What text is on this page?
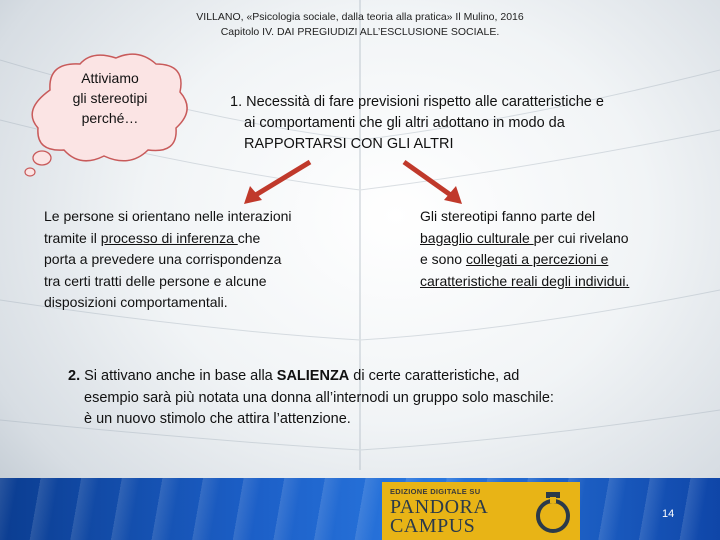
VILLANO, «Psicologia sociale, dalla teoria alla pratica» Il Mulino, 2016
Capitolo IV. DAI PREGIUDIZI ALL’ESCLUSIONE SOCIALE.
Attiviamo
gli stereotipi
perché…
1. Necessità di fare previsioni rispetto alle caratteristiche e
ai comportamenti che gli altri adottano in modo da
RAPPORTARSI CON GLI ALTRI
Le persone si orientano nelle interazioni
tramite il processo di inferenza che
porta a prevedere una corrispondenza
tra certi tratti delle persone e alcune
disposizioni comportamentali.
Gli stereotipi fanno parte del
bagaglio culturale per cui rivelano
e sono collegati a percezioni e
caratteristiche reali degli individui.
2. Si attivano anche in base alla SALIENZA di certe caratteristiche, ad
esempio sarà più notata una donna all’internodi un gruppo solo maschile:
è un nuovo stimolo che attira l’attenzione.
EDIZIONE DIGITALE SU
PANDORA
CAMPUS
14
